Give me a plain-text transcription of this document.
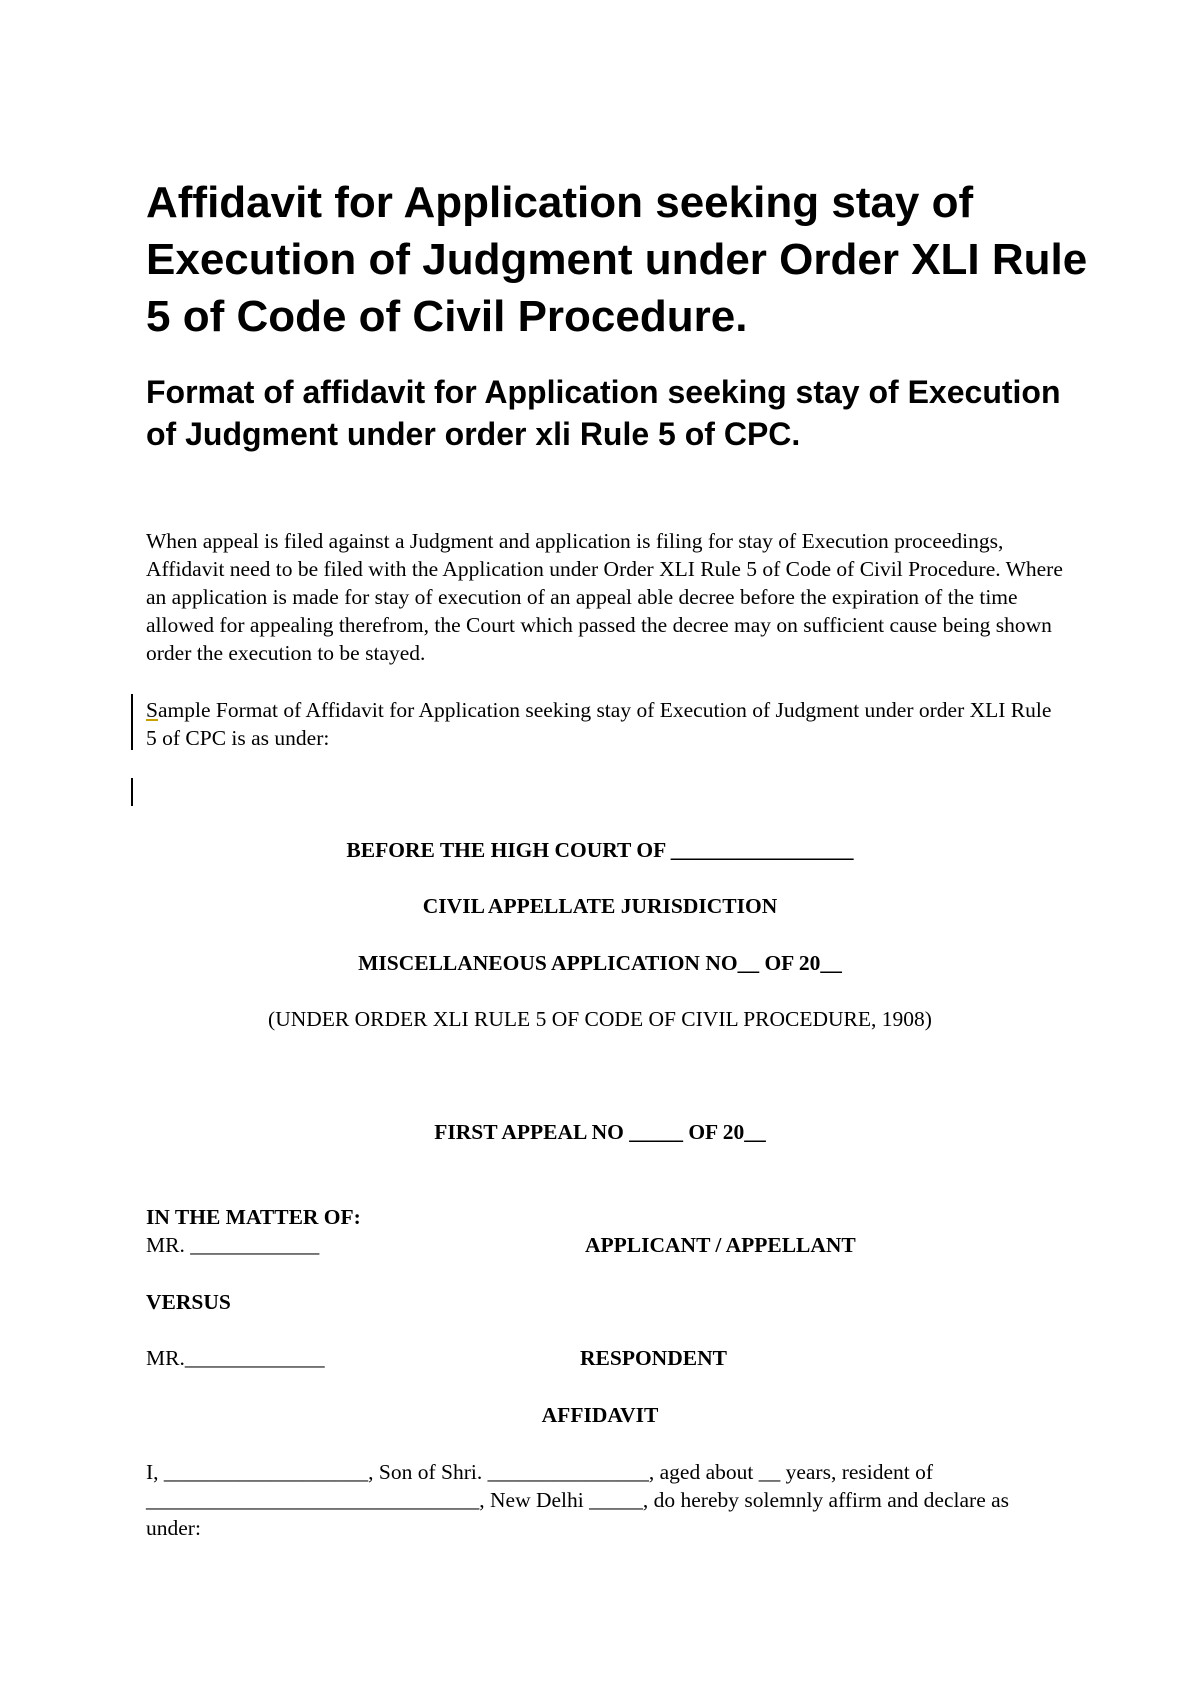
Affidavit for Application seeking stay of Execution of Judgment under Order XLI Rule 5 of Code of Civil Procedure.
Format of affidavit for Application seeking stay of Execution of Judgment under order xli Rule 5 of CPC.

When appeal is filed against a Judgment and application is filing for stay of Execution proceedings, Affidavit need to be filed with the Application under Order XLI Rule 5 of Code of Civil Procedure. Where an application is made for stay of execution of an appeal able decree before the expiration of the time allowed for appealing therefrom, the Court which passed the decree may on sufficient cause being shown order the execution to be stayed.

Sample Format of Affidavit for Application seeking stay of Execution of Judgment under order XLI Rule 5 of CPC is as under:

BEFORE THE HIGH COURT OF _________________

CIVIL APPELLATE JURISDICTION

MISCELLANEOUS APPLICATION NO__ OF 20__

(UNDER ORDER XLI RULE 5 OF CODE OF CIVIL PROCEDURE, 1908)

FIRST APPEAL NO _____ OF 20__

IN THE MATTER OF:

MR. ____________	APPLICANT / APPELLANT

VERSUS

MR._____________	RESPONDENT

AFFIDAVIT

I, ___________________, Son of Shri. _______________, aged about __ years, resident of _______________________________, New Delhi _____, do hereby solemnly affirm and declare as under:
